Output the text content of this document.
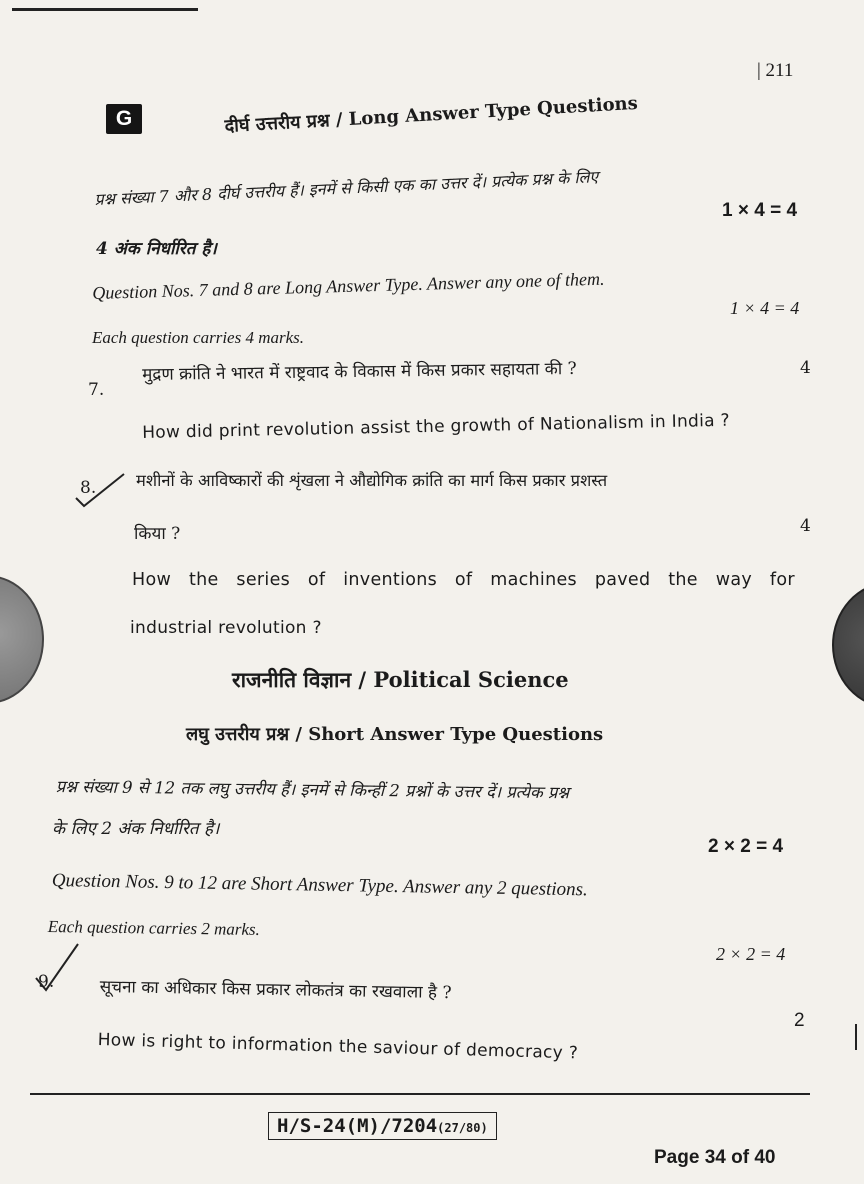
| 211
G	दीर्घ उत्तरीय प्रश्न / Long Answer Type Questions
प्रश्न संख्या 7 और 8 दीर्घ उत्तरीय हैं। इनमें से किसी एक का उत्तर दें। प्रत्येक प्रश्न के लिए
1 × 4 = 4
4 अंक निर्धारित है।
Question Nos. 7 and 8 are Long Answer Type. Answer any one of them.
1 × 4 = 4
Each question carries 4 marks.
7.
मुद्रण क्रांति ने भारत में राष्ट्रवाद के विकास में किस प्रकार सहायता की ?	4
How did print revolution assist the growth of Nationalism in India ?
8. मशीनों के आविष्कारों की शृंखला ने औद्योगिक क्रांति का मार्ग किस प्रकार प्रशस्त
किया ?	4
How the series of inventions of machines paved the way for
industrial revolution ?
राजनीति विज्ञान / Political Science
लघु उत्तरीय प्रश्न / Short Answer Type Questions
प्रश्न संख्या 9 से 12 तक लघु उत्तरीय हैं। इनमें से किन्हीं 2 प्रश्नों के उत्तर दें। प्रत्येक प्रश्न
के लिए 2 अंक निर्धारित है।
2 × 2 = 4
Question Nos. 9 to 12 are Short Answer Type. Answer any 2 questions.
Each question carries 2 marks.
2 × 2 = 4
9.	सूचना का अधिकार किस प्रकार लोकतंत्र का रखवाला है ?
2
How is right to information the saviour of democracy ?
H/S-24(M)/7204(27/80)
Page 34 of 40
